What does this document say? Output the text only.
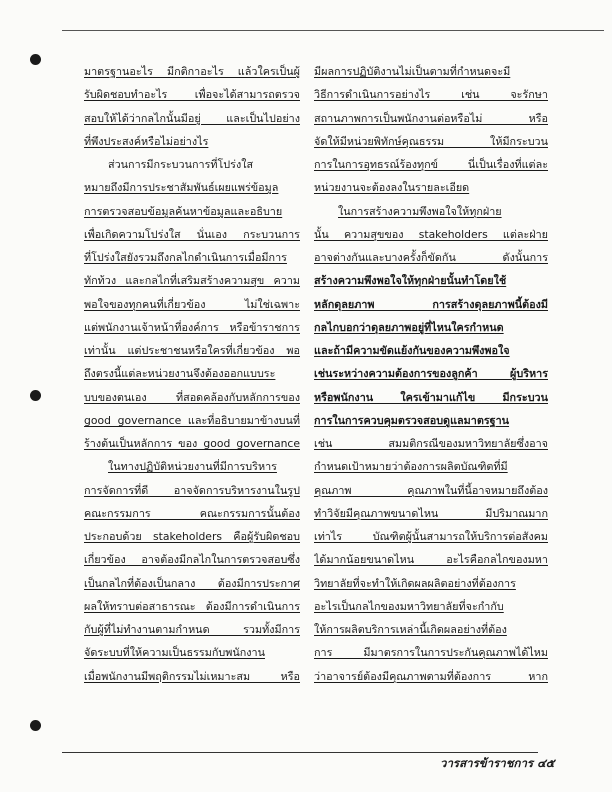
มาตรฐานอะไร มีกติกาอะไร แล้วใครเป็นผู้
รับผิดชอบทำอะไร เพื่อจะได้สามารถตรวจ
สอบให้ได้ว่ากลไกนั้นมีอยู่ และเป็นไปอย่าง
ที่พึงประสงค์หรือไม่อย่างไร
ส่วนการมีกระบวนการที่โปร่งใส
หมายถึงมีการประชาสัมพันธ์เผยแพร่ข้อมูล
การตรวจสอบข้อมูลค้นหาข้อมูลและอธิบาย
เพื่อเกิดความโปร่งใส นั่นเอง กระบวนการ
ที่โปร่งใสยังรวมถึงกลไกดำเนินการเมื่อมีการ
ทักท้วง และกลไกที่เสริมสร้างความสุข ความ
พอใจของทุกคนที่เกี่ยวข้อง ไม่ใช่เฉพาะ
แต่พนักงานเจ้าหน้าที่องค์การ หรือข้าราชการ
เท่านั้น แต่ประชาชนหรือใครที่เกี่ยวข้อง พอ
ถึงตรงนี้แต่ละหน่วยงานจึงต้องออกแบบระ
บบของตนเอง ที่สอดคล้องกับหลักการของ
good governance และที่อธิบายมาข้างบนที่
ร้างต้นเป็นหลักการ ของ good governance
ในทางปฏิบัติหน่วยงานที่มีการบริหาร
การจัดการที่ดี อาจจัดการบริหารงานในรูป
คณะกรรมการ คณะกรรมการนั้นต้อง
ประกอบด้วย stakeholders คือผู้รับผิดชอบ
เกี่ยวข้อง อาจต้องมีกลไกในการตรวจสอบซึ่ง
เป็นกลไกที่ต้องเป็นกลาง ต้องมีการประกาศ
ผลให้ทราบต่อสาธารณะ ต้องมีการดำเนินการ
กับผู้ที่ไม่ทำงานตามกำหนด รวมทั้งมีการ
จัดระบบที่ให้ความเป็นธรรมกับพนักงาน
เมื่อพนักงานมีพฤติกรรมไม่เหมาะสม หรือ
มีผลการปฏิบัติงานไม่เป็นตามที่กำหนดจะมี
วิธีการดำเนินการอย่างไร เช่น จะรักษา
สถานภาพการเป็นพนักงานต่อหรือไม่ หรือ
จัดให้มีหน่วยพิทักษ์คุณธรรม ให้มีกระบวน
การในการอุทธรณ์ร้องทุกข์ นี่เป็นเรื่องที่แต่ละ
หน่วยงานจะต้องลงในรายละเอียด
ในการสร้างความพึงพอใจให้ทุกฝ่าย
นั้น ความสุขของ stakeholders แต่ละฝ่าย
อาจต่างกันและบางครั้งก็ขัดกัน ดังนั้นการ
สร้างความพึงพอใจให้ทุกฝ่ายนั้นทำโดยใช้
หลักดุลยภาพ การสร้างดุลยภาพนี้ต้องมี
กลไกบอกว่าดุลยภาพอยู่ที่ไหนใครกำหนด
และถ้ามีความขัดแย้งกันของความพึงพอใจ
เช่นระหว่างความต้องการของลูกค้า ผู้บริหาร
หรือพนักงาน ใครเข้ามาแก้ไข มีกระบวน
การในการควบคุมตรวจสอบดูแลมาตรฐาน
เช่น สมมติกรณีของมหาวิทยาลัยซึ่งอาจ
กำหนดเป้าหมายว่าต้องการผลิตบัณฑิตที่มี
คุณภาพ คุณภาพในที่นี้อาจหมายถึงต้อง
ทำวิจัยมีคุณภาพขนาดไหน มีปริมาณมาก
เท่าไร บัณฑิตผู้นั้นสามารถให้บริการต่อสังคม
ได้มากน้อยขนาดไหน อะไรคือกลไกของมหา
วิทยาลัยที่จะทำให้เกิดผลผลิตอย่างที่ต้องการ
อะไรเป็นกลไกของมหาวิทยาลัยที่จะกำกับ
ให้การผลิตบริการเหล่านี้เกิดผลอย่างที่ต้อง
การ มีมาตรการในการประกันคุณภาพได้ไหม
ว่าอาจารย์ต้องมีคุณภาพตามที่ต้องการ หาก
วารสารข้าราชการ ๔๕
